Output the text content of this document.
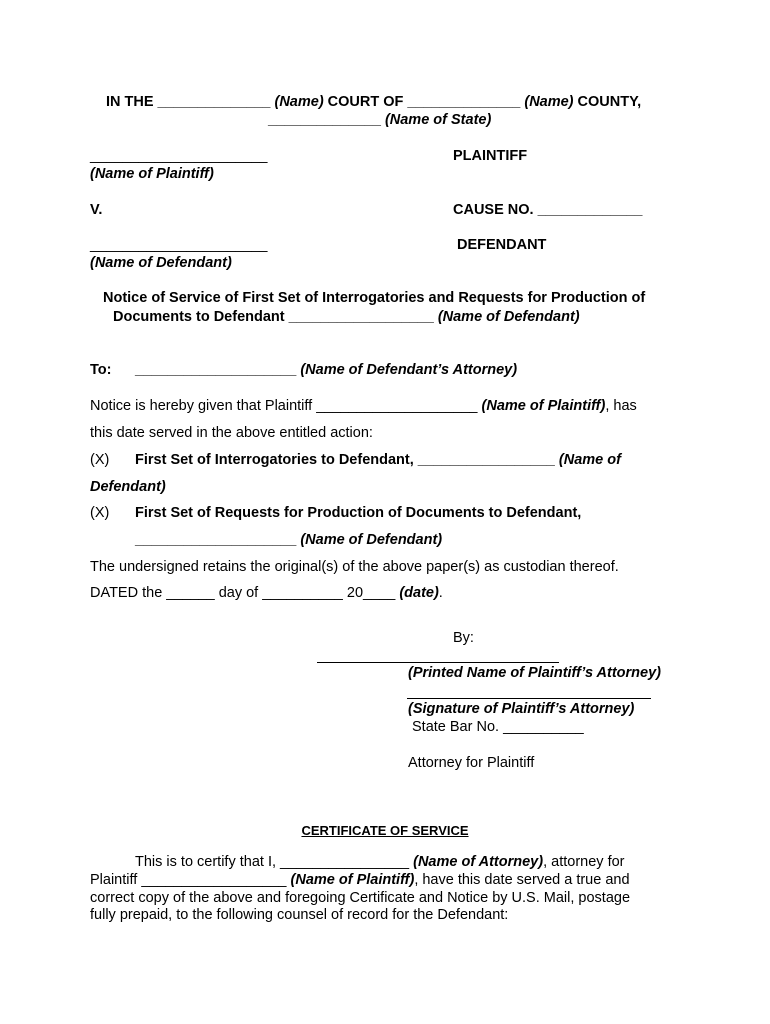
IN THE ______________ (Name) COURT OF ______________ (Name) COUNTY,
______________ (Name of State)
______________________	PLAINTIFF
(Name of Plaintiff)
V.	CAUSE NO. _____________
______________________	DEFENDANT
(Name of Defendant)
Notice of Service of First Set of Interrogatories and Requests for Production of
Documents to Defendant __________________ (Name of Defendant)
To: ____________________ (Name of Defendant’s Attorney)
Notice is hereby given that Plaintiff ____________________ (Name of Plaintiff), has
this date served in the above entitled action:
(X) First Set of Interrogatories to Defendant, _________________ (Name of
Defendant)
(X) First Set of Requests for Production of Documents to Defendant,
____________________ (Name of Defendant)
The undersigned retains the original(s) of the above paper(s) as custodian thereof.
DATED the ______ day of __________ 20____ (date).
By:
(Printed Name of Plaintiff’s Attorney)
(Signature of Plaintiff’s Attorney)
State Bar No. __________
Attorney for Plaintiff
CERTIFICATE OF SERVICE
This is to certify that I, ________________ (Name of Attorney), attorney for
Plaintiff __________________ (Name of Plaintiff), have this date served a true and
correct copy of the above and foregoing Certificate and Notice by U.S. Mail, postage
fully prepaid, to the following counsel of record for the Defendant:
